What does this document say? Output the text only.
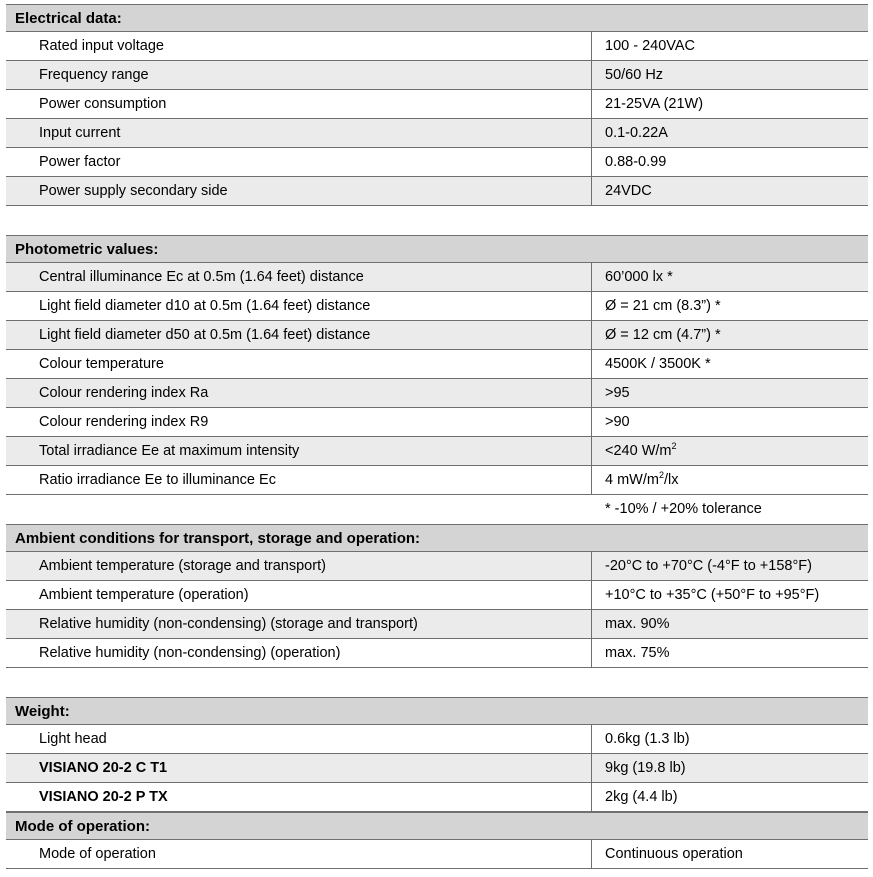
Electrical data:
Rated input voltage	100 - 240VAC
Frequency range	50/60 Hz
Power consumption	21-25VA (21W)
Input current	0.1-0.22A
Power factor	0.88-0.99
Power supply secondary side	24VDC
Photometric values:
Central illuminance Ec at 0.5m (1.64 feet) distance	60’000 lx *
Light field diameter d10 at 0.5m (1.64 feet) distance	Ø = 21 cm (8.3”) *
Light field diameter d50 at 0.5m (1.64 feet) distance	Ø = 12 cm (4.7”) *
Colour temperature	4500K / 3500K *
Colour rendering index Ra	>95
Colour rendering index R9	>90
Total irradiance Ee at maximum intensity	<240 $W/m^2$
Ratio irradiance Ee to illuminance Ec	4 $mW/m^2/lx$
* -10% / +20% tolerance
Ambient conditions for transport, storage and operation:
Ambient temperature (storage and transport)	-20°C to +70°C (-4°F to +158°F)
Ambient temperature (operation)	+10°C to +35°C (+50°F to +95°F)
Relative humidity (non-condensing) (storage and transport)	max. 90%
Relative humidity (non-condensing) (operation)	max. 75%
Weight:
Light head	0.6kg (1.3 lb)
VISIANO 20-2 C T1	9kg (19.8 lb)
VISIANO 20-2 P TX	2kg (4.4 lb)
Mode of operation:
Mode of operation	Continuous operation
